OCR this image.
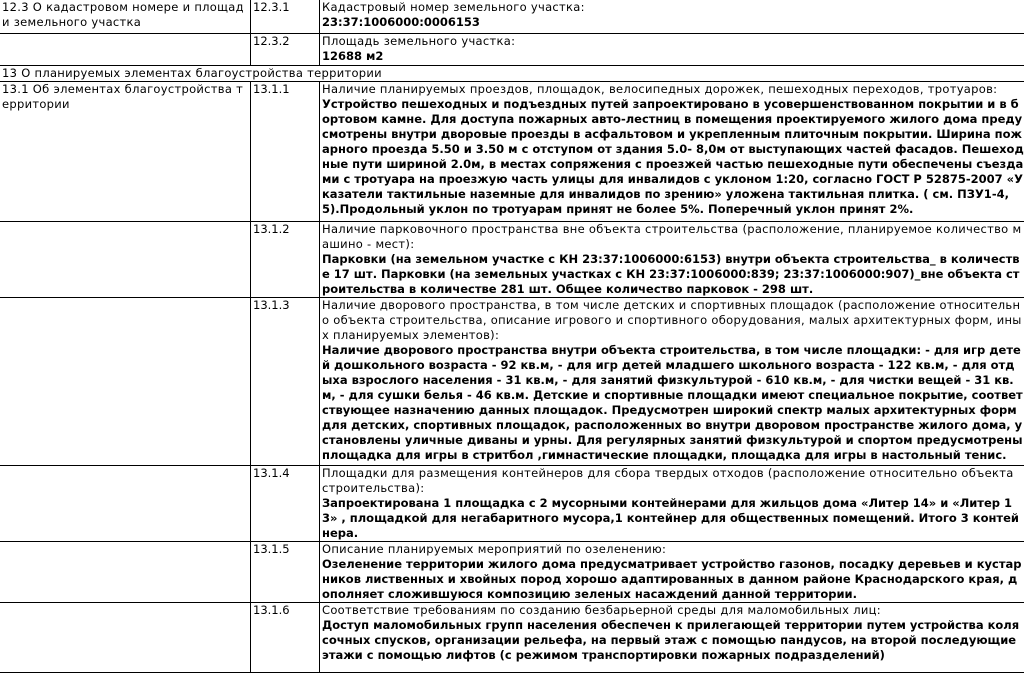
12.3 О кадастровом номере и площади земельного участка	12.3.1	Кадастровый номер земельного участка:
23:37:1006000:0006153

	12.3.2	Площадь земельного участка:
12688 м2

13 О планируемых элементах благоустройства территории		
13.1 Об элементах благоустройства территории	13.1.1	Наличие планируемых проездов, площадок, велосипедных дорожек, пешеходных переходов, тротуаров:
Устройство пешеходных и подъездных путей запроектировано в усовершенствованном покрытии и в бортовом камне. Для доступа пожарных авто-лестниц в помещения проектируемого жилого дома предусмотрены внутри дворовые проезды в асфальтовом и укрепленным плиточным покрытии. Ширина пожарного проезда 5.50 и 3.50 м с отступом от здания 5.0- 8,0м от выступающих частей фасадов. Пешеходные пути шириной 2.0м, в местах сопряжения с проезжей частью пешеходные пути обеспечены съездами с тротуара на проезжую часть улицы для инвалидов с уклоном 1:20, согласно ГОСТ Р 52875-2007 «Указатели тактильные наземные для инвалидов по зрению» уложена тактильная плитка. ( см. ПЗУ1-4,5).Продольный уклон по тротуарам принят не более 5%. Поперечный уклон принят 2%.

	13.1.2	Наличие парковочного пространства вне объекта строительства (расположение, планируемое количество машино - мест):
Парковки (на земельном участке с КН 23:37:1006000:6153) внутри объекта строительства_ в количестве 17 шт. Парковки (на земельных участках с КН 23:37:1006000:839; 23:37:1006000:907)_вне объекта строительства в количестве 281 шт. Общее количество парковок - 298 шт.

	13.1.3	Наличие дворового пространства, в том числе детских и спортивных площадок (расположение относительно объекта строительства, описание игрового и спортивного оборудования, малых архитектурных форм, иных планируемых элементов):
Наличие дворового пространства внутри объекта строительства, в том числе площадки: - для игр детей дошкольного возраста - 92 кв.м, - для игр детей младшего школьного возраста - 122 кв.м, - для отдыха взрослого населения - 31 кв.м, - для занятий физкультурой - 610 кв.м, - для чистки вещей - 31 кв.м, - для сушки белья - 46 кв.м. Детские и спортивные площадки имеют специальное покрытие, соответствующее назначению данных площадок. Предусмотрен широкий спектр малых архитектурных форм для детских, спортивных площадок, расположенных во внутри дворовом пространстве жилого дома, установлены уличные диваны и урны. Для регулярных занятий физкультурой и спортом предусмотрены площадка для игры в стритбол ,гимнастические площадки, площадка для игры в настольный тенис.

	13.1.4	Площадки для размещения контейнеров для сбора твердых отходов (расположение относительно объекта строительства):
Запроектирована 1 площадка с 2 мусорными контейнерами для жильцов дома «Литер 14» и «Литер 13» , площадкой для негабаритного мусора,1 контейнер для общественных помещений. Итого 3 контейнера.

	13.1.5	Описание планируемых мероприятий по озеленению:
Озеленение территории жилого дома предусматривает устройство газонов, посадку деревьев и кустарников лиственных и хвойных пород хорошо адаптированных в данном районе Краснодарского края, дополняет сложившуюся композицию зеленых насаждений данной территории.

	13.1.6	Соответствие требованиям по созданию безбарьерной среды для маломобильных лиц:
Доступ маломобильных групп населения обеспечен к прилегающей территории путем устройства колясочных спусков, организации рельефа, на первый этаж с помощью пандусов, на второй последующие этажи с помощью лифтов (с режимом транспортировки пожарных подразделений)
